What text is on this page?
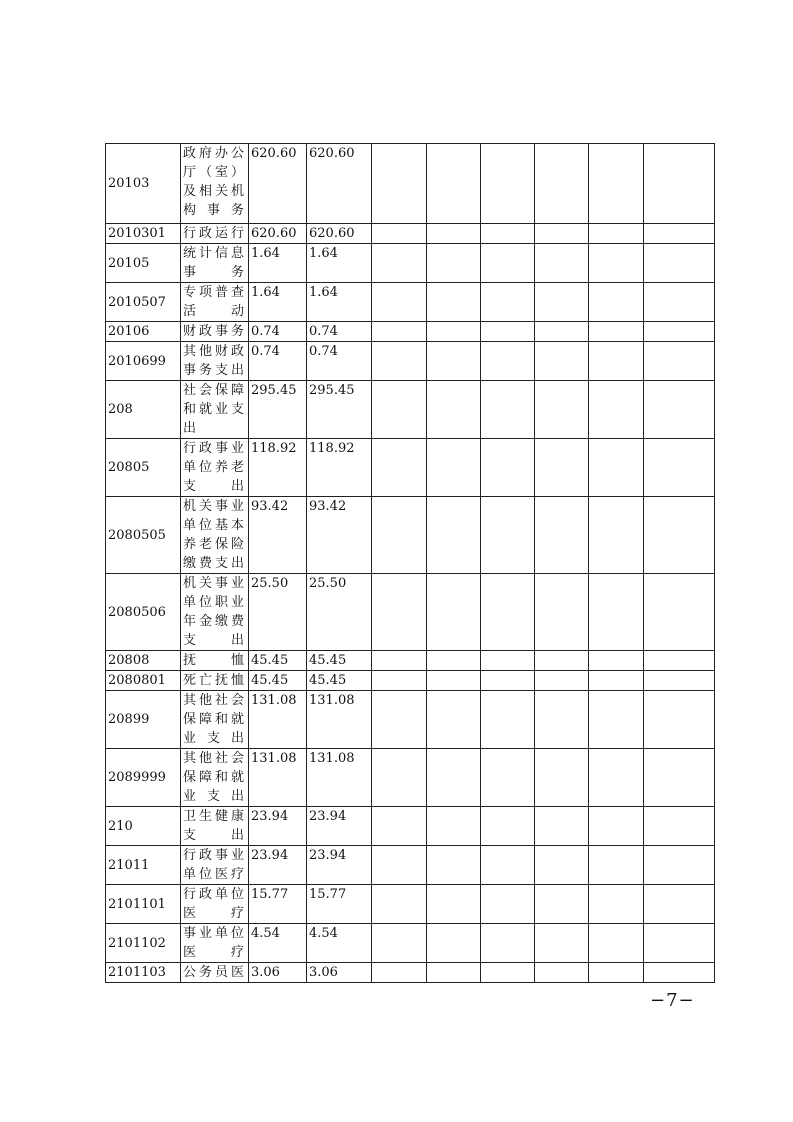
20103	政府办公厅（室）及相关机构事务	620.60	620.60						
2010301	行政运行	620.60	620.60						
20105	统计信息事务	1.64	1.64						
2010507	专项普查活动	1.64	1.64						
20106	财政事务	0.74	0.74						
2010699	其他财政事务支出	0.74	0.74						
208	社会保障和就业支出	295.45	295.45						
20805	行政事业单位养老支出	118.92	118.92						
2080505	机关事业单位基本养老保险缴费支出	93.42	93.42						
2080506	机关事业单位职业年金缴费支出	25.50	25.50						
20808	抚恤	45.45	45.45						
2080801	死亡抚恤	45.45	45.45						
20899	其他社会保障和就业支出	131.08	131.08						
2089999	其他社会保障和就业支出	131.08	131.08						
210	卫生健康支出	23.94	23.94						
21011	行政事业单位医疗	23.94	23.94						
2101101	行政单位医疗	15.77	15.77						
2101102	事业单位医疗	4.54	4.54						
2101103	公务员医	3.06	3.06						
−7−
